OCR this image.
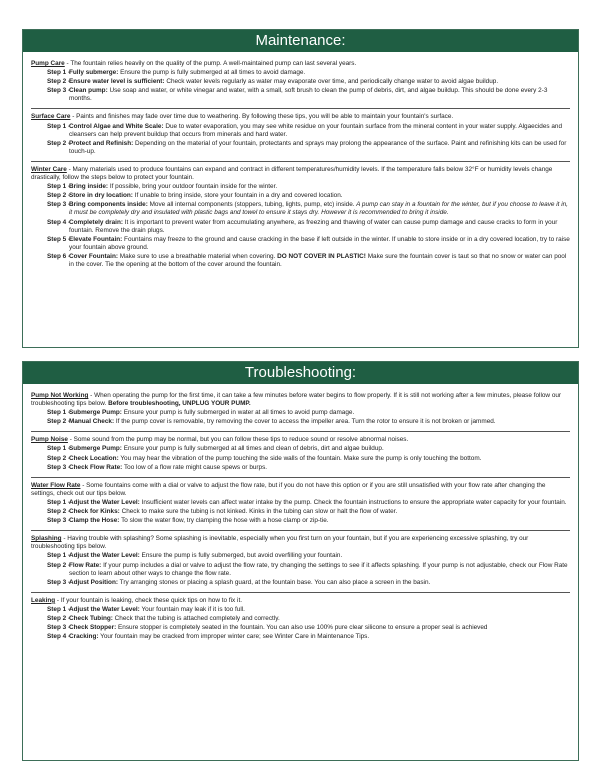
Maintenance:
Pump Care - The fountain relies heavily on the quality of the pump. A well-maintained pump can last several years.
Step 1 -
Fully submerge: Ensure the pump is fully submerged at all times to avoid damage.
Step 2 -
Ensure water level is sufficient: Check water levels regularly as water may evaporate over time, and periodically change water to avoid algae buildup.
Step 3 -
Clean pump: Use soap and water, or white vinegar and water, with a small, soft brush to clean the pump of debris, dirt, and algae buildup. This should be done every 2-3 months.
Surface Care - Paints and finishes may fade over time due to weathering. By following these tips, you will be able to maintain your fountain's surface.
Step 1 -
Control Algae and White Scale: Due to water evaporation, you may see white residue on your fountain surface from the mineral content in your water supply. Algaecides and cleansers can help prevent buildup that occurs from minerals and hard water.
Step 2 -
Protect and Refinish: Depending on the material of your fountain, protectants and sprays may prolong the appearance of the surface. Paint and refinishing kits can be used for touch-up.
Winter Care - Many materials used to produce fountains can expand and contract in different temperatures/humidity levels. If the temperature falls below 32°F or humidity levels change drastically, follow the steps below to protect your fountain.
Step 1 -
Bring inside: If possible, bring your outdoor fountain inside for the winter.
Step 2 -
Store in dry location: If unable to bring inside, store your fountain in a dry and covered location.
Step 3 -
Bring components inside: Move all internal components (stoppers, tubing, lights, pump, etc) inside. A pump can stay in a fountain for the winter, but if you choose to leave it in, it must be completely dry and insulated with plastic bags and towel to ensure it stays dry. However it is recommended to bring it inside.
Step 4 -
Completely drain: It is important to prevent water from accumulating anywhere, as freezing and thawing of water can cause pump damage and cause cracks to form in your fountain. Remove the drain plugs.
Step 5 -
Elevate Fountain: Fountains may freeze to the ground and cause cracking in the base if left outside in the winter. If unable to store inside or in a dry covered location, try to raise your fountain above ground.
Step 6 -
Cover Fountain: Make sure to use a breathable material when covering. DO NOT COVER IN PLASTIC! Make sure the fountain cover is taut so that no snow or water can pool in the cover. Tie the opening at the bottom of the cover around the fountain.
Troubleshooting:
Pump Not Working - When operating the pump for the first time, it can take a few minutes before water begins to flow properly. If it is still not working after a few minutes, please follow our troubleshooting tips below. Before troubleshooting, UNPLUG YOUR PUMP.
Step 1 -
Submerge Pump: Ensure your pump is fully submerged in water at all times to avoid pump damage.
Step 2 -
Manual Check: If the pump cover is removable, try removing the cover to access the impeller area. Turn the rotor to ensure it is not broken or jammed.
Pump Noise - Some sound from the pump may be normal, but you can follow these tips to reduce sound or resolve abnormal noises.
Step 1 -
Submerge Pump: Ensure your pump is fully submerged at all times and clean of debris, dirt and algae buildup.
Step 2 -
Check Location: You may hear the vibration of the pump touching the side walls of the fountain. Make sure the pump is only touching the bottom.
Step 3 -
Check Flow Rate: Too low of a flow rate might cause spews or burps.
Water Flow Rate - Some fountains come with a dial or valve to adjust the flow rate, but if you do not have this option or if you are still unsatisfied with your flow rate after changing the settings, check out our tips below.
Step 1 -
Adjust the Water Level: Insufficient water levels can affect water intake by the pump. Check the fountain instructions to ensure the appropriate water capacity for your fountain.
Step 2 -
Check for Kinks: Check to make sure the tubing is not kinked. Kinks in the tubing can slow or halt the flow of water.
Step 3 -
Clamp the Hose: To slow the water flow, try clamping the hose with a hose clamp or zip-tie.
Splashing - Having trouble with splashing? Some splashing is inevitable, especially when you first turn on your fountain, but if you are experiencing excessive splashing, try our troubleshooting tips below.
Step 1 -
Adjust the Water Level: Ensure the pump is fully submerged, but avoid overfilling your fountain.
Step 2 -
Flow Rate: If your pump includes a dial or valve to adjust the flow rate, try changing the settings to see if it affects splashing. If your pump is not adjustable, check our Flow Rate section to learn about other ways to change the flow rate.
Step 3 -
Adjust Position: Try arranging stones or placing a splash guard, at the fountain base. You can also place a screen in the basin.
Leaking - If your fountain is leaking, check these quick tips on how to fix it.
Step 1 -
Adjust the Water Level: Your fountain may leak if it is too full.
Step 2 -
Check Tubing: Check that the tubing is attached completely and correctly.
Step 3 -
Check Stopper: Ensure stopper is completely seated in the fountain. You can also use 100% pure clear silicone to ensure a proper seal is achieved
Step 4 -
Cracking: Your fountain may be cracked from improper winter care; see Winter Care in Maintenance Tips.
